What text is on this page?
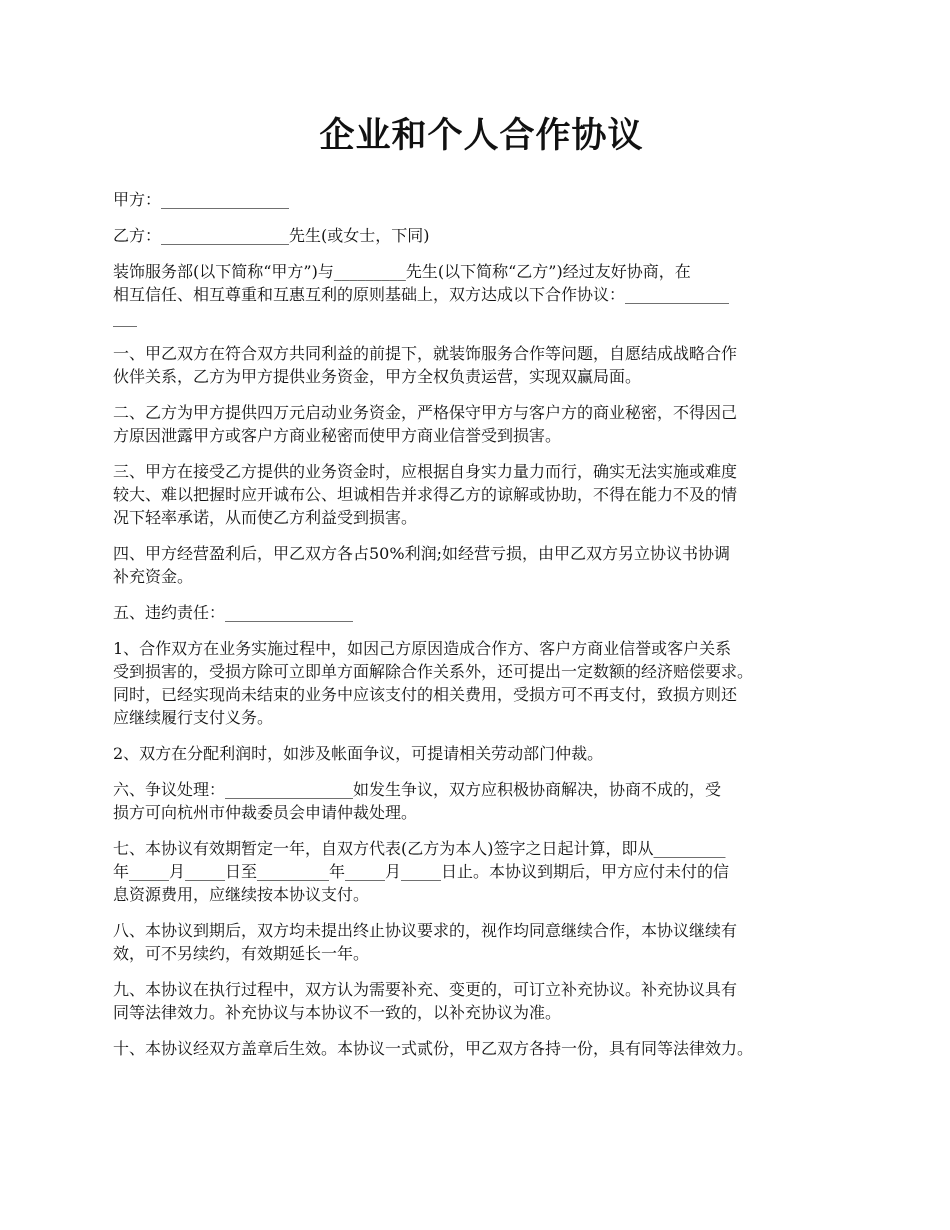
企业和个人合作协议
甲方：________________
乙方：________________先生(或女士，下同)
装饰服务部(以下简称“甲方”)与_________先生(以下简称“乙方”)经过友好协商，在
相互信任、相互尊重和互惠互利的原则基础上，双方达成以下合作协议：_____________
___
一、甲乙双方在符合双方共同利益的前提下，就装饰服务合作等问题，自愿结成战略合作
伙伴关系，乙方为甲方提供业务资金，甲方全权负责运营，实现双赢局面。
二、乙方为甲方提供四万元启动业务资金，严格保守甲方与客户方的商业秘密，不得因己
方原因泄露甲方或客户方商业秘密而使甲方商业信誉受到损害。
三、甲方在接受乙方提供的业务资金时，应根据自身实力量力而行，确实无法实施或难度
较大、难以把握时应开诚布公、坦诚相告并求得乙方的谅解或协助，不得在能力不及的情
况下轻率承诺，从而使乙方利益受到损害。
四、甲方经营盈利后，甲乙双方各占50%利润;如经营亏损，由甲乙双方另立协议书协调
补充资金。
五、违约责任：________________
1、合作双方在业务实施过程中，如因己方原因造成合作方、客户方商业信誉或客户关系
受到损害的，受损方除可立即单方面解除合作关系外，还可提出一定数额的经济赔偿要求。
同时，已经实现尚未结束的业务中应该支付的相关费用，受损方可不再支付，致损方则还
应继续履行支付义务。
2、双方在分配利润时，如涉及帐面争议，可提请相关劳动部门仲裁。
六、争议处理：________________如发生争议，双方应积极协商解决，协商不成的，受
损方可向杭州市仲裁委员会申请仲裁处理。
七、本协议有效期暂定一年，自双方代表(乙方为本人)签字之日起计算，即从_________
年_____月_____日至_________年_____月_____日止。本协议到期后，甲方应付未付的信
息资源费用，应继续按本协议支付。
八、本协议到期后，双方均未提出终止协议要求的，视作均同意继续合作，本协议继续有
效，可不另续约，有效期延长一年。
九、本协议在执行过程中，双方认为需要补充、变更的，可订立补充协议。补充协议具有
同等法律效力。补充协议与本协议不一致的，以补充协议为准。
十、本协议经双方盖章后生效。本协议一式贰份，甲乙双方各持一份，具有同等法律效力。
